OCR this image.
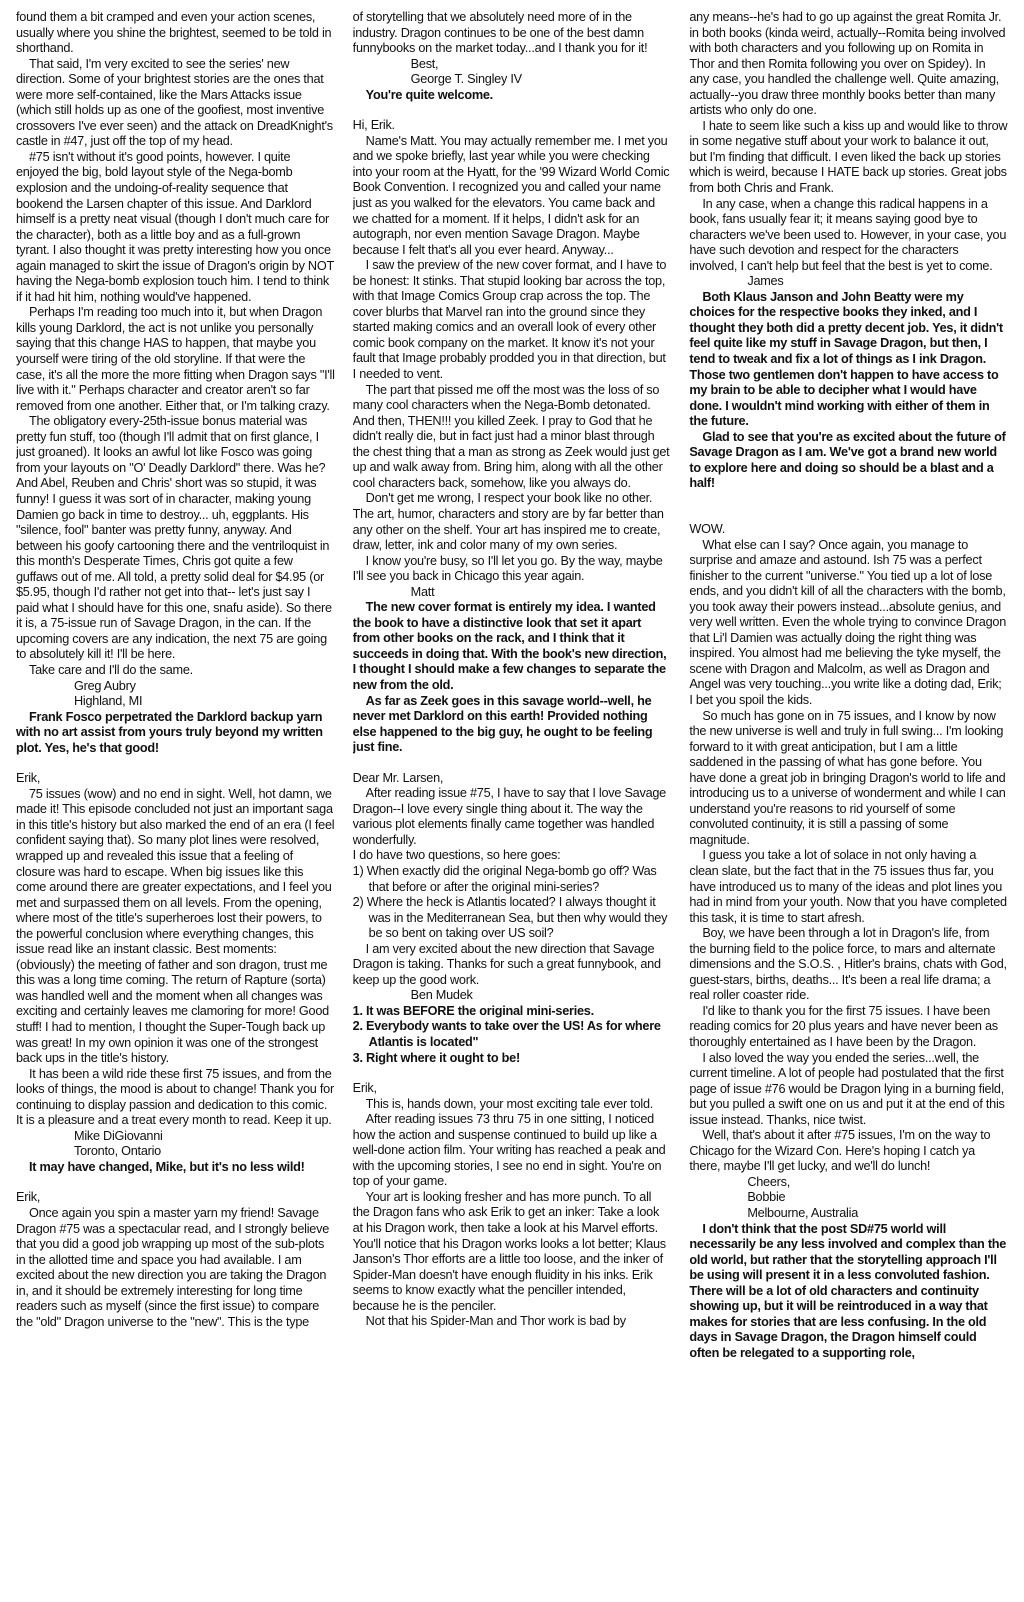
found them a bit cramped and even your action scenes, usually where you shine the brightest, seemed to be told in shorthand.

That said, I'm very excited to see the series' new direction. Some of your brightest stories are the ones that were more self-contained, like the Mars Attacks issue (which still holds up as one of the goofiest, most inventive crossovers I've ever seen) and the attack on DreadKnight's castle in #47, just off the top of my head.

#75 isn't without it's good points, however. I quite enjoyed the big, bold layout style of the Nega-bomb explosion and the undoing-of-reality sequence that bookend the Larsen chapter of this issue. And Darklord himself is a pretty neat visual (though I don't much care for the character), both as a little boy and as a full-grown tyrant. I also thought it was pretty interesting how you once again managed to skirt the issue of Dragon's origin by NOT having the Nega-bomb explosion touch him. I tend to think if it had hit him, nothing would've happened.

Perhaps I'm reading too much into it, but when Dragon kills young Darklord, the act is not unlike you personally saying that this change HAS to happen, that maybe you yourself were tiring of the old storyline. If that were the case, it's all the more the more fitting when Dragon says "I'll live with it." Perhaps character and creator aren't so far removed from one another. Either that, or I'm talking crazy.

The obligatory every-25th-issue bonus material was pretty fun stuff, too (though I'll admit that on first glance, I just groaned). It looks an awful lot like Fosco was going from your layouts on "O' Deadly Darklord" there. Was he? And Abel, Reuben and Chris' short was so stupid, it was funny! I guess it was sort of in character, making young Damien go back in time to destroy... uh, eggplants. His "silence, fool" banter was pretty funny, anyway. And between his goofy cartooning there and the ventriloquist in this month's Desperate Times, Chris got quite a few guffaws out of me. All told, a pretty solid deal for $4.95 (or $5.95, though I'd rather not get into that-- let's just say I paid what I should have for this one, snafu aside). So there it is, a 75-issue run of Savage Dragon, in the can. If the upcoming covers are any indication, the next 75 are going to absolutely kill it! I'll be here.

Take care and I'll do the same.

Greg Aubry

Highland, MI

Frank Fosco perpetrated the Darklord backup yarn with no art assist from yours truly beyond my written plot. Yes, he's that good!

Erik,

75 issues (wow) and no end in sight. Well, hot damn, we made it! This episode concluded not just an important saga in this title's history but also marked the end of an era (I feel confident saying that). So many plot lines were resolved, wrapped up and revealed this issue that a feeling of closure was hard to escape. When big issues like this come around there are greater expectations, and I feel you met and surpassed them on all levels. From the opening, where most of the title's superheroes lost their powers, to the powerful conclusion where everything changes, this issue read like an instant classic. Best moments: (obviously) the meeting of father and son dragon, trust me this was a long time coming. The return of Rapture (sorta) was handled well and the moment when all changes was exciting and certainly leaves me clamoring for more! Good stuff! I had to mention, I thought the Super-Tough back up was great! In my own opinion it was one of the strongest back ups in the title's history.

It has been a wild ride these first 75 issues, and from the looks of things, the mood is about to change! Thank you for continuing to display passion and dedication to this comic. It is a pleasure and a treat every month to read. Keep it up.

Mike DiGiovanni

Toronto, Ontario

It may have changed, Mike, but it's no less wild!

Erik,

Once again you spin a master yarn my friend! Savage Dragon #75 was a spectacular read, and I strongly believe that you did a good job wrapping up most of the sub-plots in the allotted time and space you had available. I am excited about the new direction you are taking the Dragon in, and it should be extremely interesting for long time readers such as myself (since the first issue) to compare the "old" Dragon universe to the "new". This is the type

of storytelling that we absolutely need more of in the industry. Dragon continues to be one of the best damn funnybooks on the market today...and I thank you for it!

Best,

George T. Singley IV

You're quite welcome.

Hi, Erik.

Name's Matt. You may actually remember me. I met you and we spoke briefly, last year while you were checking into your room at the Hyatt, for the '99 Wizard World Comic Book Convention. I recognized you and called your name just as you walked for the elevators. You came back and we chatted for a moment. If it helps, I didn't ask for an autograph, nor even mention Savage Dragon. Maybe because I felt that's all you ever heard. Anyway...

I saw the preview of the new cover format, and I have to be honest: It stinks. That stupid looking bar across the top, with that Image Comics Group crap across the top. The cover blurbs that Marvel ran into the ground since they started making comics and an overall look of every other comic book company on the market. It know it's not your fault that Image probably prodded you in that direction, but I needed to vent.

The part that pissed me off the most was the loss of so many cool characters when the Nega-Bomb detonated. And then, THEN!!! you killed Zeek. I pray to God that he didn't really die, but in fact just had a minor blast through the chest thing that a man as strong as Zeek would just get up and walk away from. Bring him, along with all the other cool characters back, somehow, like you always do.

Don't get me wrong, I respect your book like no other. The art, humor, characters and story are by far better than any other on the shelf. Your art has inspired me to create, draw, letter, ink and color many of my own series.

I know you're busy, so I'll let you go. By the way, maybe I'll see you back in Chicago this year again.

Matt

The new cover format is entirely my idea. I wanted the book to have a distinctive look that set it apart from other books on the rack, and I think that it succeeds in doing that. With the book's new direction, I thought I should make a few changes to separate the new from the old.

As far as Zeek goes in this savage world--well, he never met Darklord on this earth! Provided nothing else happened to the big guy, he ought to be feeling just fine.

Dear Mr. Larsen,

After reading issue #75, I have to say that I love Savage Dragon--I love every single thing about it. The way the various plot elements finally came together was handled wonderfully.

I do have two questions, so here goes:

1) When exactly did the original Nega-bomb go off? Was that before or after the original mini-series?

2) Where the heck is Atlantis located? I always thought it was in the Mediterranean Sea, but then why would they be so bent on taking over US soil?

I am very excited about the new direction that Savage Dragon is taking. Thanks for such a great funnybook, and keep up the good work.

Ben Mudek

1. It was BEFORE the original mini-series.

2. Everybody wants to take over the US! As for where Atlantis is located"

3. Right where it ought to be!

Erik,

This is, hands down, your most exciting tale ever told.

After reading issues 73 thru 75 in one sitting, I noticed how the action and suspense continued to build up like a well-done action film. Your writing has reached a peak and with the upcoming stories, I see no end in sight. You're on top of your game.

Your art is looking fresher and has more punch. To all the Dragon fans who ask Erik to get an inker: Take a look at his Dragon work, then take a look at his Marvel efforts. You'll notice that his Dragon works looks a lot better; Klaus Janson's Thor efforts are a little too loose, and the inker of Spider-Man doesn't have enough fluidity in his inks. Erik seems to know exactly what the penciller intended, because he is the penciler.

Not that his Spider-Man and Thor work is bad by

any means--he's had to go up against the great Romita Jr. in both books (kinda weird, actually--Romita being involved with both characters and you following up on Romita in Thor and then Romita following you over on Spidey). In any case, you handled the challenge well. Quite amazing, actually--you draw three monthly books better than many artists who only do one.

I hate to seem like such a kiss up and would like to throw in some negative stuff about your work to balance it out, but I'm finding that difficult. I even liked the back up stories which is weird, because I HATE back up stories. Great jobs from both Chris and Frank.

In any case, when a change this radical happens in a book, fans usually fear it; it means saying good bye to characters we've been used to. However, in your case, you have such devotion and respect for the characters involved, I can't help but feel that the best is yet to come.

James

Both Klaus Janson and John Beatty were my choices for the respective books they inked, and I thought they both did a pretty decent job. Yes, it didn't feel quite like my stuff in Savage Dragon, but then, I tend to tweak and fix a lot of things as I ink Dragon. Those two gentlemen don't happen to have access to my brain to be able to decipher what I would have done. I wouldn't mind working with either of them in the future.

Glad to see that you're as excited about the future of Savage Dragon as I am. We've got a brand new world to explore here and doing so should be a blast and a half!

WOW.

What else can I say? Once again, you manage to surprise and amaze and astound. Ish 75 was a perfect finisher to the current "universe." You tied up a lot of lose ends, and you didn't kill of all the characters with the bomb, you took away their powers instead...absolute genius, and very well written. Even the whole trying to convince Dragon that Li'l Damien was actually doing the right thing was inspired. You almost had me believing the tyke myself, the scene with Dragon and Malcolm, as well as Dragon and Angel was very touching...you write like a doting dad, Erik; I bet you spoil the kids.

So much has gone on in 75 issues, and I know by now the new universe is well and truly in full swing... I'm looking forward to it with great anticipation, but I am a little saddened in the passing of what has gone before. You have done a great job in bringing Dragon's world to life and introducing us to a universe of wonderment and while I can understand you're reasons to rid yourself of some convoluted continuity, it is still a passing of some magnitude.

I guess you take a lot of solace in not only having a clean slate, but the fact that in the 75 issues thus far, you have introduced us to many of the ideas and plot lines you had in mind from your youth. Now that you have completed this task, it is time to start afresh.

Boy, we have been through a lot in Dragon's life, from the burning field to the police force, to mars and alternate dimensions and the S.O.S. , Hitler's brains, chats with God, guest-stars, births, deaths... It's been a real life drama; a real roller coaster ride.

I'd like to thank you for the first 75 issues. I have been reading comics for 20 plus years and have never been as thoroughly entertained as I have been by the Dragon.

I also loved the way you ended the series...well, the current timeline. A lot of people had postulated that the first page of issue #76 would be Dragon lying in a burning field, but you pulled a swift one on us and put it at the end of this issue instead. Thanks, nice twist.

Well, that's about it after #75 issues, I'm on the way to Chicago for the Wizard Con. Here's hoping I catch ya there, maybe I'll get lucky, and we'll do lunch!

Cheers,

Bobbie

Melbourne, Australia

I don't think that the post SD#75 world will necessarily be any less involved and complex than the old world, but rather that the storytelling approach I'll be using will present it in a less convoluted fashion. There will be a lot of old characters and continuity showing up, but it will be reintroduced in a way that makes for stories that are less confusing. In the old days in Savage Dragon, the Dragon himself could often be relegated to a supporting role,
